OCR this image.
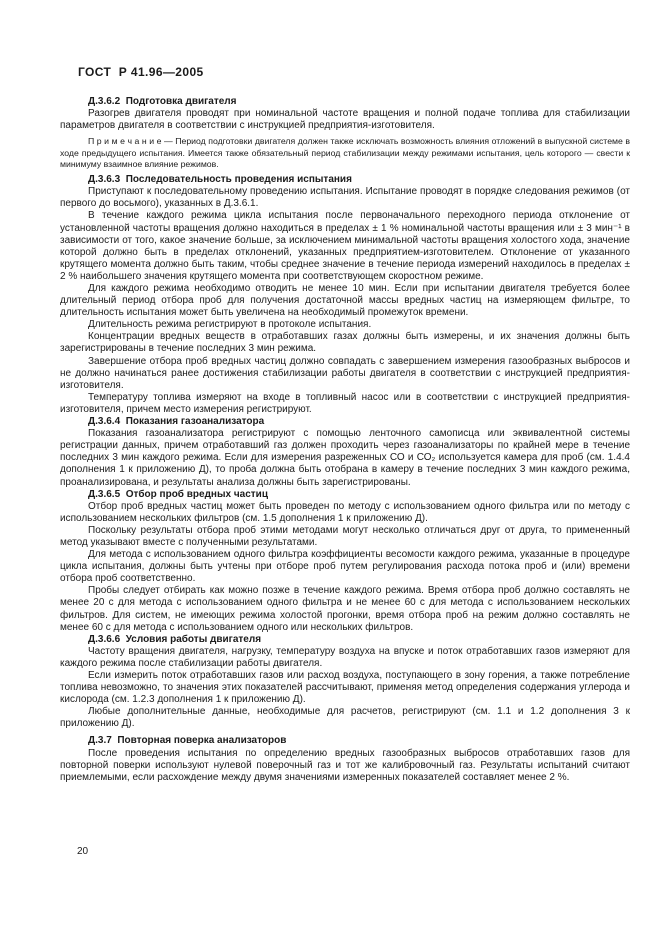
ГОСТ  Р 41.96—2005

Д.3.6.2  Подготовка двигателя

Разогрев двигателя проводят при номинальной частоте вращения и полной подаче топлива для стабилизации параметров двигателя в соответствии с инструкцией предприятия-изготовителя.

П р и м е ч а н и е — Период подготовки двигателя должен также исключать возможность влияния отложений в выпускной системе в ходе предыдущего испытания. Имеется также обязательный период стабилизации между режимами испытания, цель которого — свести к минимуму взаимное влияние режимов.

Д.3.6.3  Последовательность проведения испытания

Приступают к последовательному проведению испытания. Испытание проводят в порядке следования режимов (от первого до восьмого), указанных в Д.3.6.1.

В течение каждого режима цикла испытания после первоначального переходного периода отклонение от установленной частоты вращения должно находиться в пределах ± 1 % номинальной частоты вращения или ± 3 мин⁻¹ в зависимости от того, какое значение больше, за исключением минимальной частоты вращения холостого хода, значение которой должно быть в пределах отклонений, указанных предприятием-изготовителем. Отклонение от указанного крутящего момента должно быть таким, чтобы среднее значение в течение периода измерений находилось в пределах ± 2 % наибольшего значения крутящего момента при соответствующем скоростном режиме.

Для каждого режима необходимо отводить не менее 10 мин. Если при испытании двигателя требуется более длительный период отбора проб для получения достаточной массы вредных частиц на измеряющем фильтре, то длительность испытания может быть увеличена на необходимый промежуток времени.

Длительность режима регистрируют в протоколе испытания.

Концентрации вредных веществ в отработавших газах должны быть измерены, и их значения должны быть зарегистрированы в течение последних 3 мин режима.

Завершение отбора проб вредных частиц должно совпадать с завершением измерения газообразных выбросов и не должно начинаться ранее достижения стабилизации работы двигателя в соответствии с инструкцией предприятия-изготовителя.

Температуру топлива измеряют на входе в топливный насос или в соответствии с инструкцией предприятия-изготовителя, причем место измерения регистрируют.

Д.3.6.4  Показания газоанализатора

Показания газоанализатора регистрируют с помощью ленточного самописца или эквивалентной системы регистрации данных, причем отработавший газ должен проходить через газоанализаторы по крайней мере в течение последних 3 мин каждого режима. Если для измерения разреженных СО и СО₂ используется камера для проб (см. 1.4.4 дополнения 1 к приложению Д), то проба должна быть отобрана в камеру в течение последних 3 мин каждого режима, проанализирована, и результаты анализа должны быть зарегистрированы.

Д.3.6.5  Отбор проб вредных частиц

Отбор проб вредных частиц может быть проведен по методу с использованием одного фильтра или по методу с использованием нескольких фильтров (см. 1.5 дополнения 1 к приложению Д).

Поскольку результаты отбора проб этими методами могут несколько отличаться друг от друга, то примененный метод указывают вместе с полученными результатами.

Для метода с использованием одного фильтра коэффициенты весомости каждого режима, указанные в процедуре цикла испытания, должны быть учтены при отборе проб путем регулирования расхода потока проб и (или) времени отбора проб соответственно.

Пробы следует отбирать как можно позже в течение каждого режима. Время отбора проб должно составлять не менее 20 с для метода с использованием одного фильтра и не менее 60 с для метода с использованием нескольких фильтров. Для систем, не имеющих режима холостой прогонки, время отбора проб на режим должно составлять не менее 60 с для метода с использованием одного или нескольких фильтров.

Д.3.6.6  Условия работы двигателя

Частоту вращения двигателя, нагрузку, температуру воздуха на впуске и поток отработавших газов измеряют для каждого режима после стабилизации работы двигателя.

Если измерить поток отработавших газов или расход воздуха, поступающего в зону горения, а также потребление топлива невозможно, то значения этих показателей рассчитывают, применяя метод определения содержания углерода и кислорода (см. 1.2.3 дополнения 1 к приложению Д).

Любые дополнительные данные, необходимые для расчетов, регистрируют (см. 1.1 и 1.2 дополнения 3 к приложению Д).

Д.3.7  Повторная поверка анализаторов

После проведения испытания по определению вредных газообразных выбросов отработавших газов для повторной поверки используют нулевой поверочный газ и тот же калибровочный газ. Результаты испытаний считают приемлемыми, если расхождение между двумя значениями измеренных показателей составляет менее 2 %.

20
